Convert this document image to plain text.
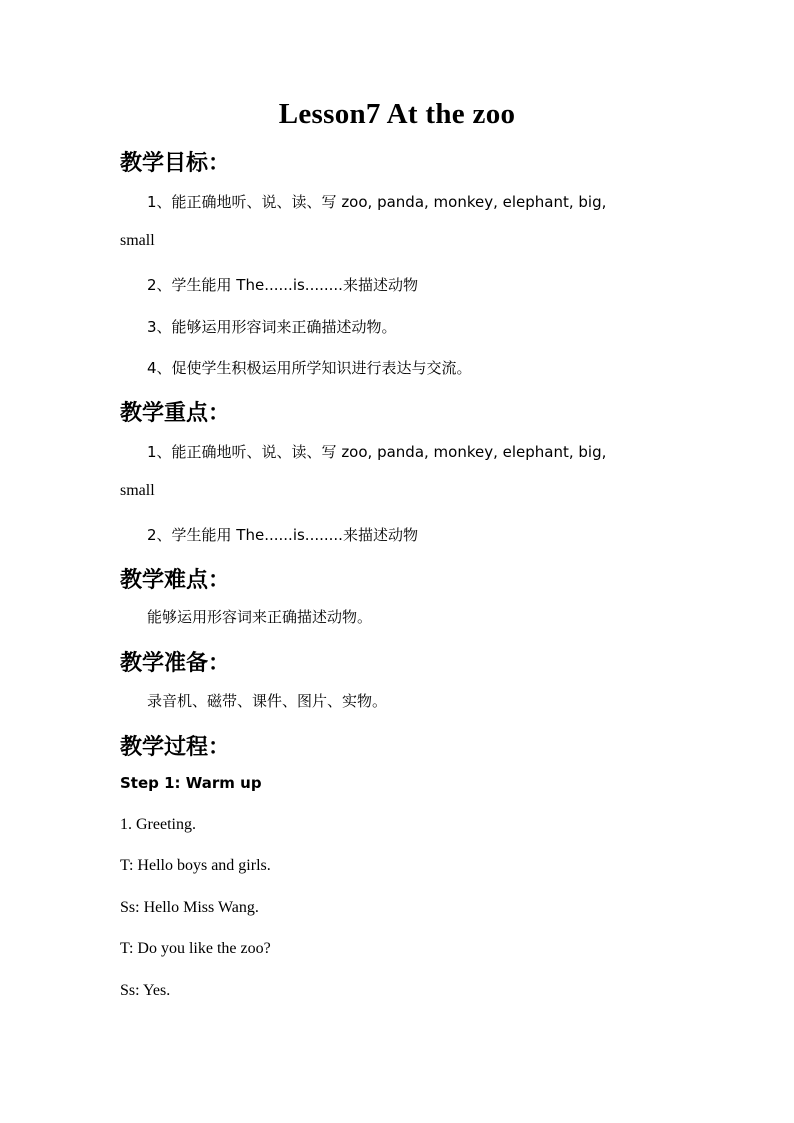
Lesson7 At the zoo
教学目标：
1、能正确地听、说、读、写 zoo, panda, monkey, elephant, big,
small
2、学生能用 The......is........来描述动物
3、能够运用形容词来正确描述动物。
4、促使学生积极运用所学知识进行表达与交流。
教学重点：
1、能正确地听、说、读、写 zoo, panda, monkey, elephant, big,
small
2、学生能用 The......is........来描述动物
教学难点：
能够运用形容词来正确描述动物。
教学准备：
录音机、磁带、课件、图片、实物。
教学过程：
Step 1: Warm up
1. Greeting.
T: Hello boys and girls.
Ss: Hello Miss Wang.
T: Do you like the zoo?
Ss: Yes.
